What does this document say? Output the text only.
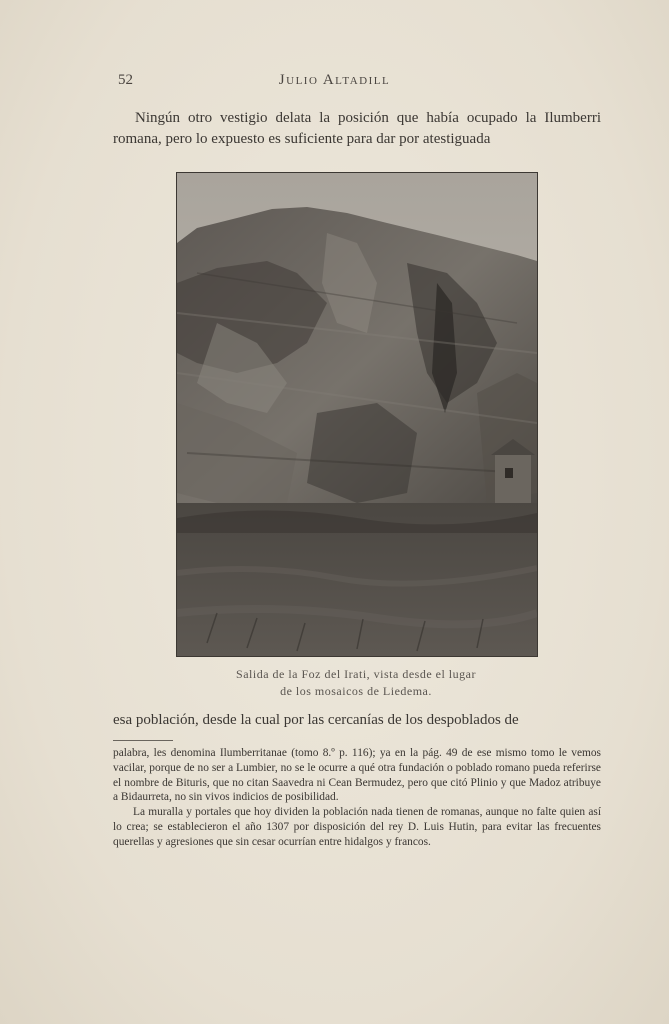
52	Julio Altadill

Ningún otro vestigio delata la posición que había ocupado la Ilumberri romana, pero lo expuesto es suficiente para dar por atestiguada

Salida de la Foz del Irati, vista desde el lugar
de los mosaicos de Liedema.

esa población, desde la cual por las cercanías de los despoblados de

palabra, les denomina Ilumberritanae (tomo 8.º p. 116); ya en la pág. 49 de ese mismo tomo le vemos vacilar, porque de no ser a Lumbier, no se le ocurre a qué otra fundación o poblado romano pueda referirse el nombre de Bituris, que no citan Saavedra ni Cean Bermudez, pero que citó Plinio y que Madoz atribuye a Bidaurreta, no sin vivos indicios de posibilidad.

La muralla y portales que hoy dividen la población nada tienen de romanas, aunque no falte quien así lo crea; se establecieron el año 1307 por disposición del rey D. Luis Hutin, para evitar las frecuentes querellas y agresiones que sin cesar ocurrían entre hidalgos y francos.
